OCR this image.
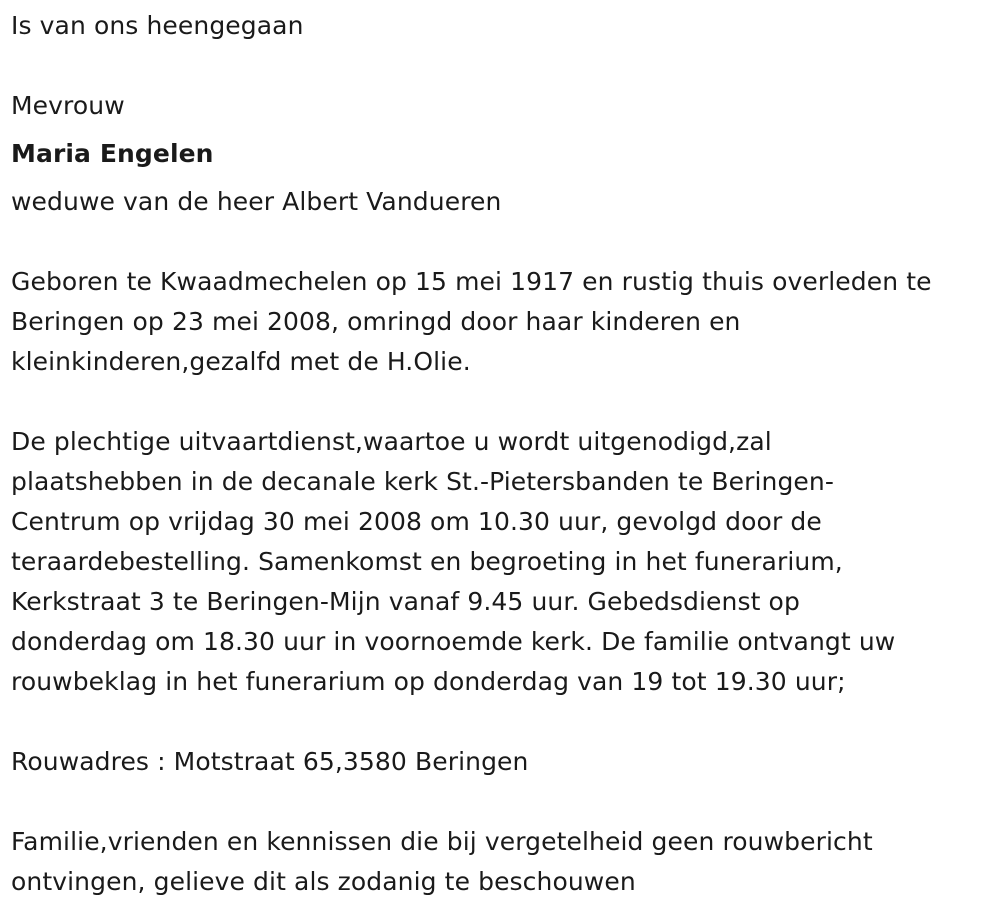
Is van ons heengegaan
Mevrouw
Maria Engelen
weduwe van de heer Albert Vandueren
Geboren te Kwaadmechelen op 15 mei 1917 en rustig thuis overleden te
Beringen op 23 mei 2008, omringd door haar kinderen en
kleinkinderen,gezalfd met de H.Olie.
De plechtige uitvaartdienst,waartoe u wordt uitgenodigd,zal
plaatshebben in de decanale kerk St.-Pietersbanden te Beringen-
Centrum op vrijdag 30 mei 2008 om 10.30 uur, gevolgd door de
teraardebestelling. Samenkomst en begroeting in het funerarium,
Kerkstraat 3 te Beringen-Mijn vanaf 9.45 uur. Gebedsdienst op
donderdag om 18.30 uur in voornoemde kerk. De familie ontvangt uw
rouwbeklag in het funerarium op donderdag van 19 tot 19.30 uur;
Rouwadres : Motstraat 65,3580 Beringen
Familie,vrienden en kennissen die bij vergetelheid geen rouwbericht
ontvingen, gelieve dit als zodanig te beschouwen
